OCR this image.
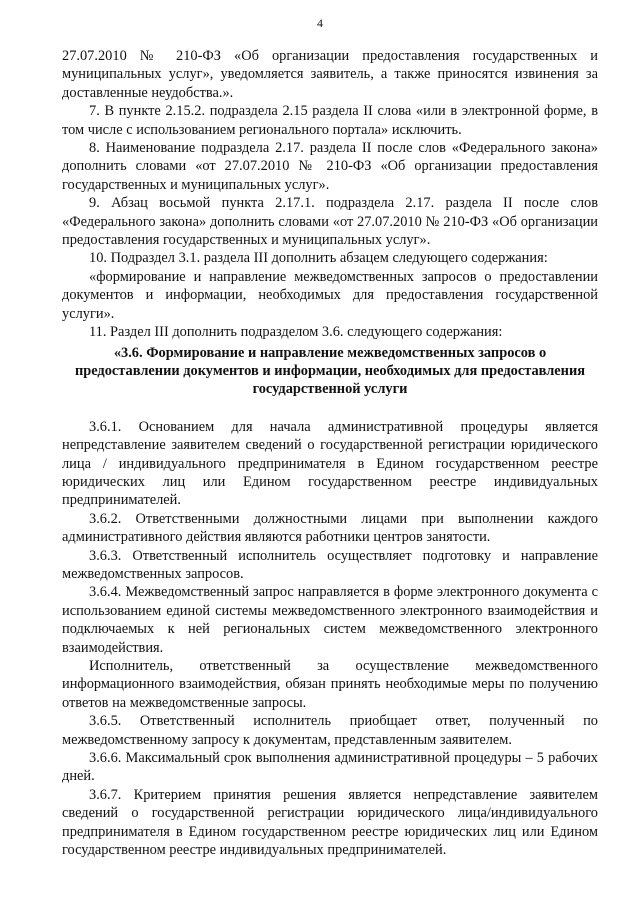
4

27.07.2010 № 210-ФЗ «Об организации предоставления государственных и муниципальных услуг», уведомляется заявитель, а также приносятся извинения за доставленные неудобства.».

7. В пункте 2.15.2. подраздела 2.15 раздела II слова «или в электронной форме, в том числе с использованием регионального портала» исключить.

8. Наименование подраздела 2.17. раздела II после слов «Федерального закона» дополнить словами «от 27.07.2010 № 210-ФЗ «Об организации предоставления государственных и муниципальных услуг».

9. Абзац восьмой пункта 2.17.1. подраздела 2.17. раздела II после слов «Федерального закона» дополнить словами «от 27.07.2010 № 210-ФЗ «Об организации предоставления государственных и муниципальных услуг».

10. Подраздел 3.1. раздела III дополнить абзацем следующего содержания:

«формирование и направление межведомственных запросов о предоставлении документов и информации, необходимых для предоставления государственной услуги».

11. Раздел III дополнить подразделом 3.6. следующего содержания:

«3.6. Формирование и направление межведомственных запросов о предоставлении документов и информации, необходимых для предоставления государственной услуги

3.6.1. Основанием для начала административной процедуры является непредставление заявителем сведений о государственной регистрации юридического лица / индивидуального предпринимателя в Едином государственном реестре юридических лиц или Едином государственном реестре индивидуальных предпринимателей.

3.6.2. Ответственными должностными лицами при выполнении каждого административного действия являются работники центров занятости.

3.6.3. Ответственный исполнитель осуществляет подготовку и направление межведомственных запросов.

3.6.4. Межведомственный запрос направляется в форме электронного документа с использованием единой системы межведомственного электронного взаимодействия и подключаемых к ней региональных систем межведомственного электронного взаимодействия.

Исполнитель, ответственный за осуществление межведомственного информационного взаимодействия, обязан принять необходимые меры по получению ответов на межведомственные запросы.

3.6.5. Ответственный исполнитель приобщает ответ, полученный по межведомственному запросу к документам, представленным заявителем.

3.6.6. Максимальный срок выполнения административной процедуры – 5 рабочих дней.

3.6.7. Критерием принятия решения является непредставление заявителем сведений о государственной регистрации юридического лица/индивидуального предпринимателя в Едином государственном реестре юридических лиц или Едином государственном реестре индивидуальных предпринимателей.
